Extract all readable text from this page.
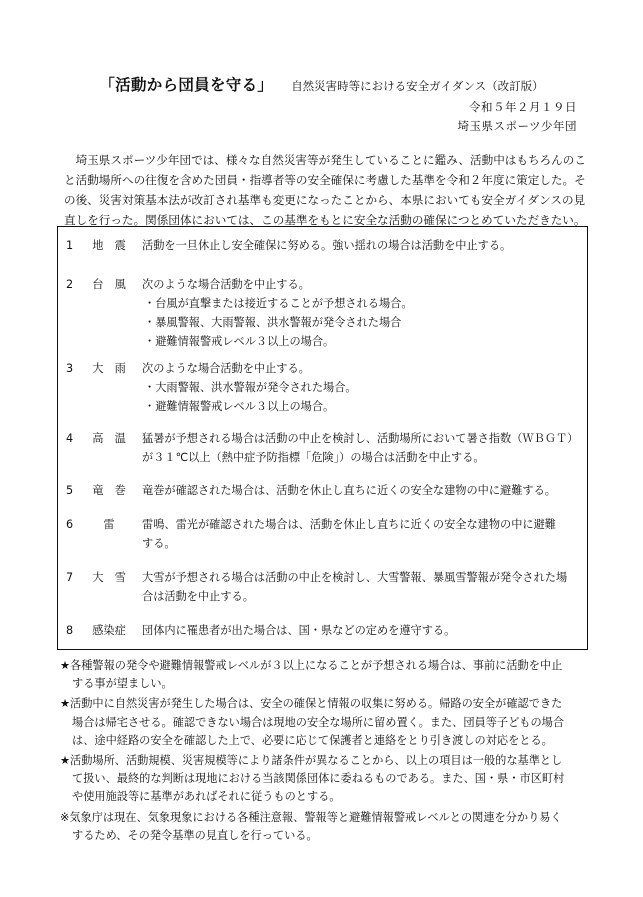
「活動から団員を守る」 自然災害時等における安全ガイダンス（改訂版）
令和５年２月１９日
埼玉県スポーツ少年団
　埼玉県スポーツ少年団では、様々な自然災害等が発生していることに鑑み、活動中はもちろんのこ
と活動場所への往復を含めた団員・指導者等の安全確保に考慮した基準を令和２年度に策定した。そ
の後、災害対策基本法が改訂され基準も変更になったことから、本県においても安全ガイダンスの見
直しを行った。関係団体においては、この基準をもとに安全な活動の確保につとめていただきたい。
1	地　震	活動を一旦休止し安全確保に努める。強い揺れの場合は活動を中止する。
2	台　風	次のような場合活動を中止する。
・台風が直撃または接近することが予想される場合。
・暴風警報、大雨警報、洪水警報が発令された場合
・避難情報警戒レベル３以上の場合。
3	大　雨	次のような場合活動を中止する。
・大雨警報、洪水警報が発令された場合。
・避難情報警戒レベル３以上の場合。
4	高　温	猛暑が予想される場合は活動の中止を検討し、活動場所において暑さ指数（ＷＢＧＴ）
が３１℃以上（熱中症予防指標「危険」）の場合は活動を中止する。
5	竜　巻	竜巻が確認された場合は、活動を休止し直ちに近くの安全な建物の中に避難する。
6	雷	雷鳴、雷光が確認された場合は、活動を休止し直ちに近くの安全な建物の中に避難
する。
7	大　雪	大雪が予想される場合は活動の中止を検討し、大雪警報、暴風雪警報が発令された場
合は活動を中止する。
8	感染症	団体内に罹患者が出た場合は、国・県などの定めを遵守する。
★各種警報の発令や避難情報警戒レベルが３以上になることが予想される場合は、事前に活動を中止
する事が望ましい。
★活動中に自然災害が発生した場合は、安全の確保と情報の収集に努める。帰路の安全が確認できた
場合は帰宅させる。確認できない場合は現地の安全な場所に留め置く。また、団員等子どもの場合
は、途中経路の安全を確認した上で、必要に応じて保護者と連絡をとり引き渡しの対応をとる。
★活動場所、活動規模、災害規模等により諸条件が異なることから、以上の項目は一般的な基準とし
て扱い、最終的な判断は現地における当該関係団体に委ねるものである。また、国・県・市区町村
や使用施設等に基準があればそれに従うものとする。
※気象庁は現在、気象現象における各種注意報、警報等と避難情報警戒レベルとの関連を分かり易く
するため、その発令基準の見直しを行っている。
